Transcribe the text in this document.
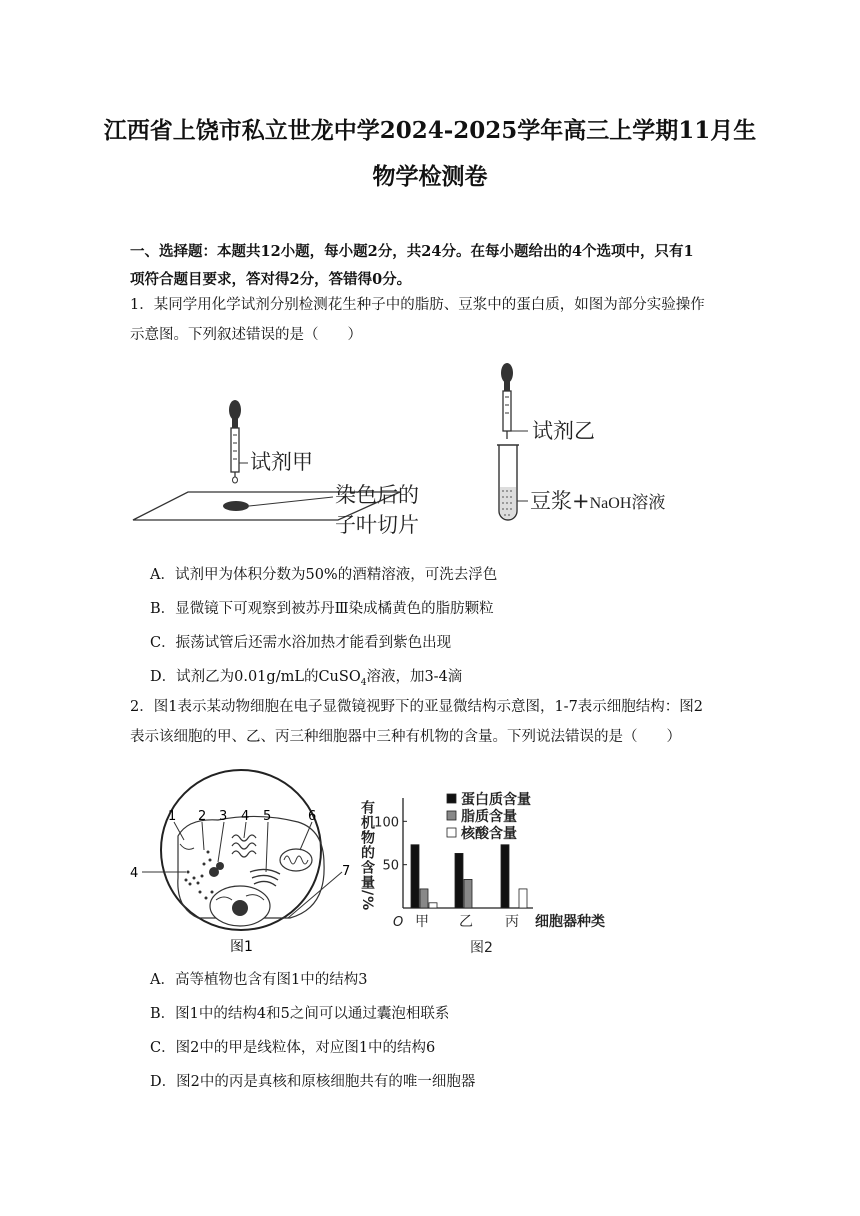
江西省上饶市私立世龙中学2024-2025学年高三上学期11月生
物学检测卷
一、选择题：本题共12小题，每小题2分，共24分。在每小题给出的4个选项中，只有1
项符合题目要求，答对得2分，答错得0分。
1．某同学用化学试剂分别检测花生种子中的脂肪、豆浆中的蛋白质，如图为部分实验操作
示意图。下列叙述错误的是（　　）
试剂甲
染色后的
子叶切片
试剂乙
豆浆+NaOH溶液
A．试剂甲为体积分数为50%的酒精溶液，可洗去浮色
B．显微镜下可观察到被苏丹Ⅲ染成橘黄色的脂肪颗粒
C．振荡试管后还需水浴加热才能看到紫色出现
D．试剂乙为0.01g/mL的CuSO$_4$溶液，加3-4滴
2．图1表示某动物细胞在电子显微镜视野下的亚显微结构示意图，1-7表示细胞结构：图2
表示该细胞的甲、乙、丙三种细胞器中三种有机物的含量。下列说法错误的是（　　）
1 2 3 4 5	6
4	7
图1
50
100
O
有机物的含量/%
甲 乙 丙 细胞器种类
蛋白质含量
脂质含量
核酸含量
图2
A．高等植物也含有图1中的结构3
B．图1中的结构4和5之间可以通过囊泡相联系
C．图2中的甲是线粒体，对应图1中的结构6
D．图2中的丙是真核和原核细胞共有的唯一细胞器
